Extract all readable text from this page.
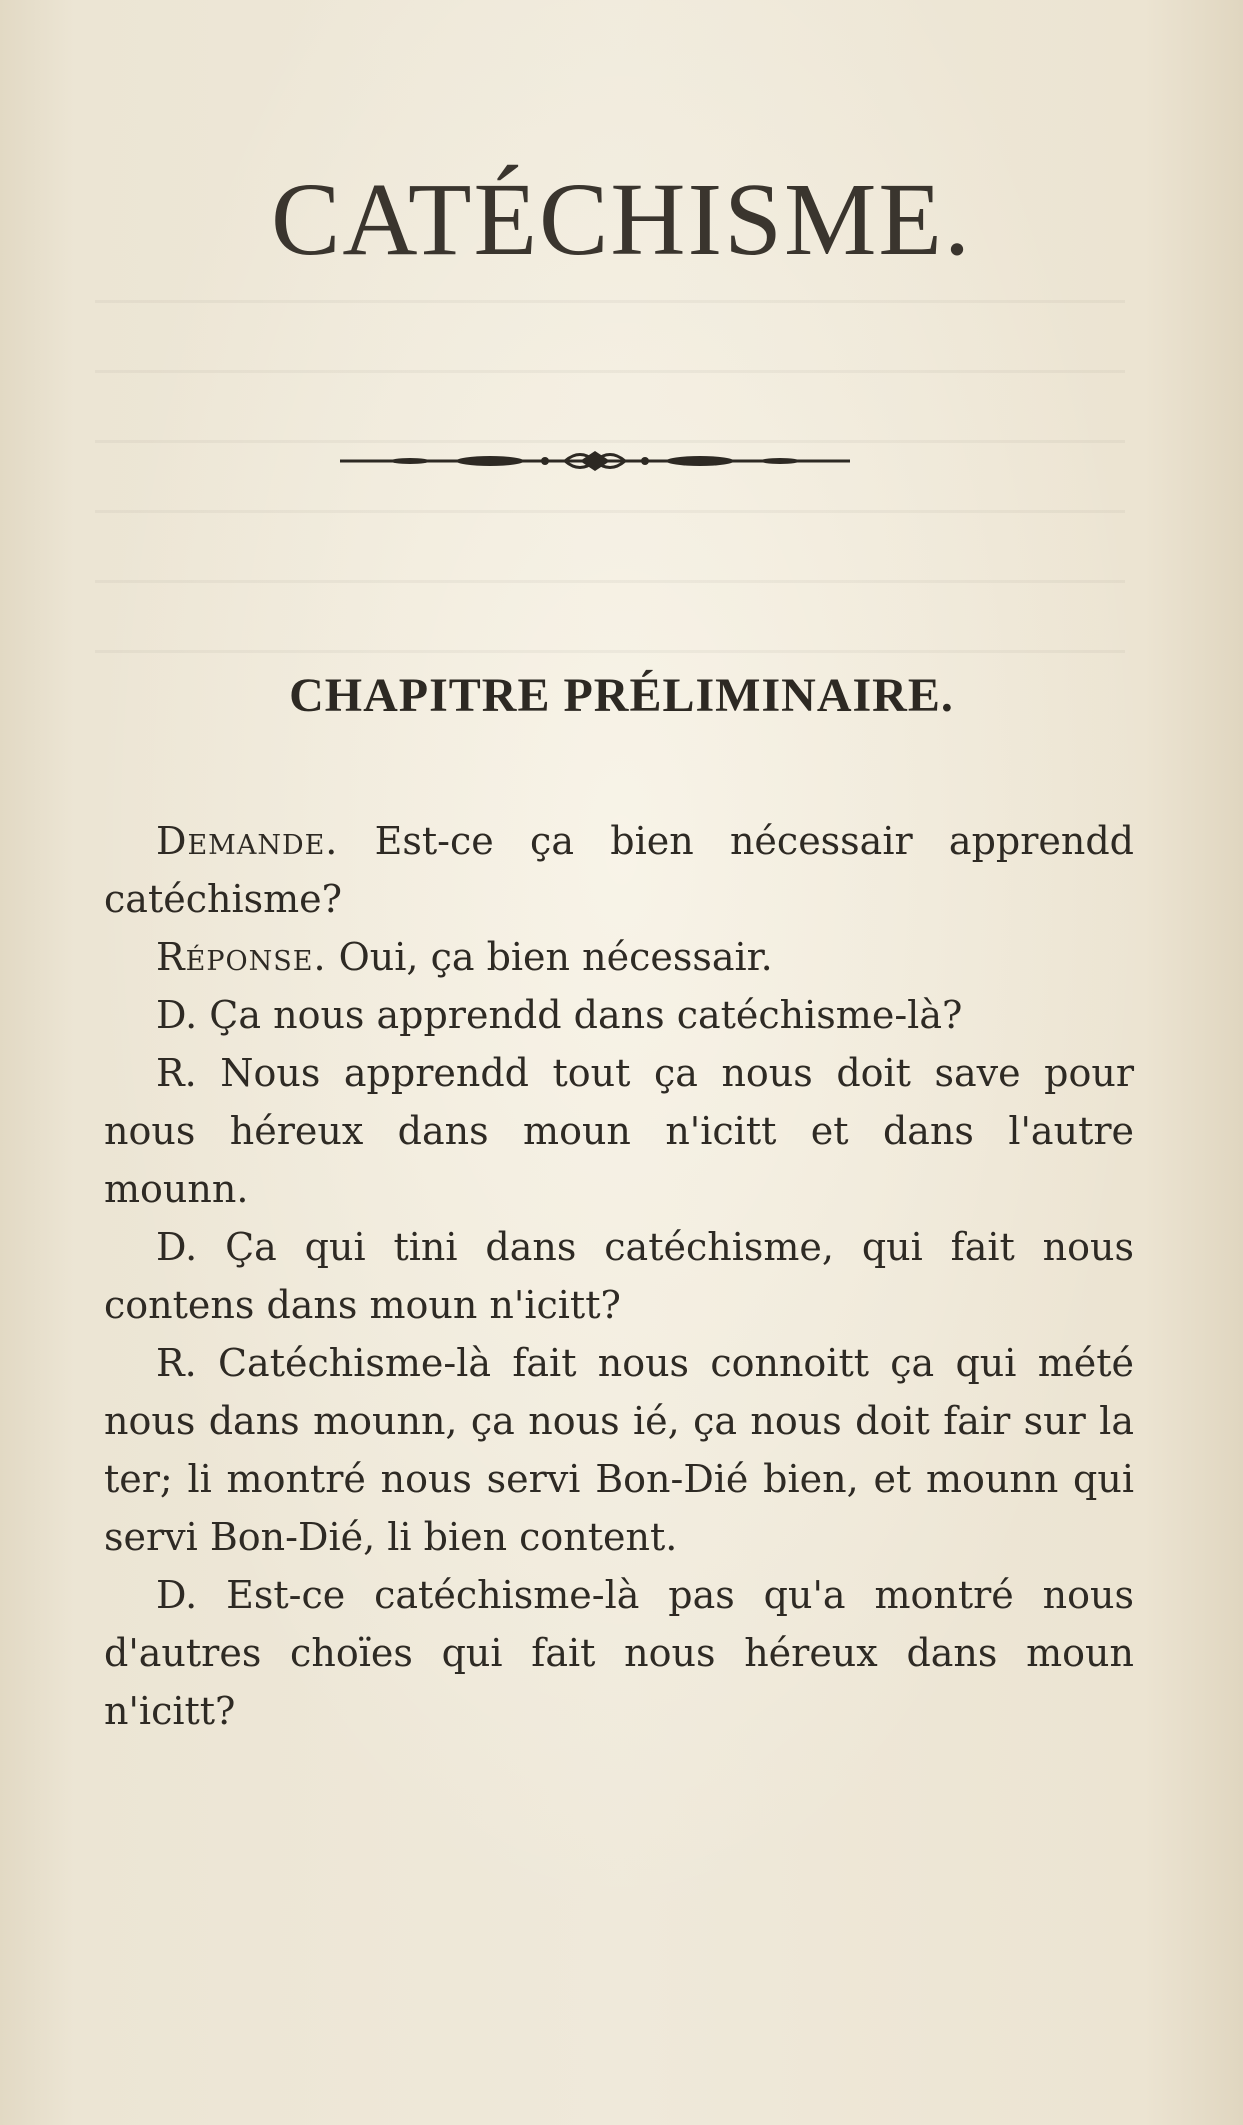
CATÉCHISME.
CHAPITRE PRÉLIMINAIRE.

Demande. Est-ce ça bien nécessair apprendd catéchisme?

Réponse. Oui, ça bien nécessair.

D. Ça nous apprendd dans catéchisme-là?

R. Nous apprendd tout ça nous doit save pour nous héreux dans moun n'icitt et dans l'autre mounn.

D. Ça qui tini dans catéchisme, qui fait nous contens dans moun n'icitt?

R. Catéchisme-là fait nous connoitt ça qui mété nous dans mounn, ça nous ié, ça nous doit fair sur la ter; li montré nous servi Bon-Dié bien, et mounn qui servi Bon-Dié, li bien content.

D. Est-ce catéchisme-là pas qu'a montré nous d'autres choïes qui fait nous héreux dans moun n'icitt?
